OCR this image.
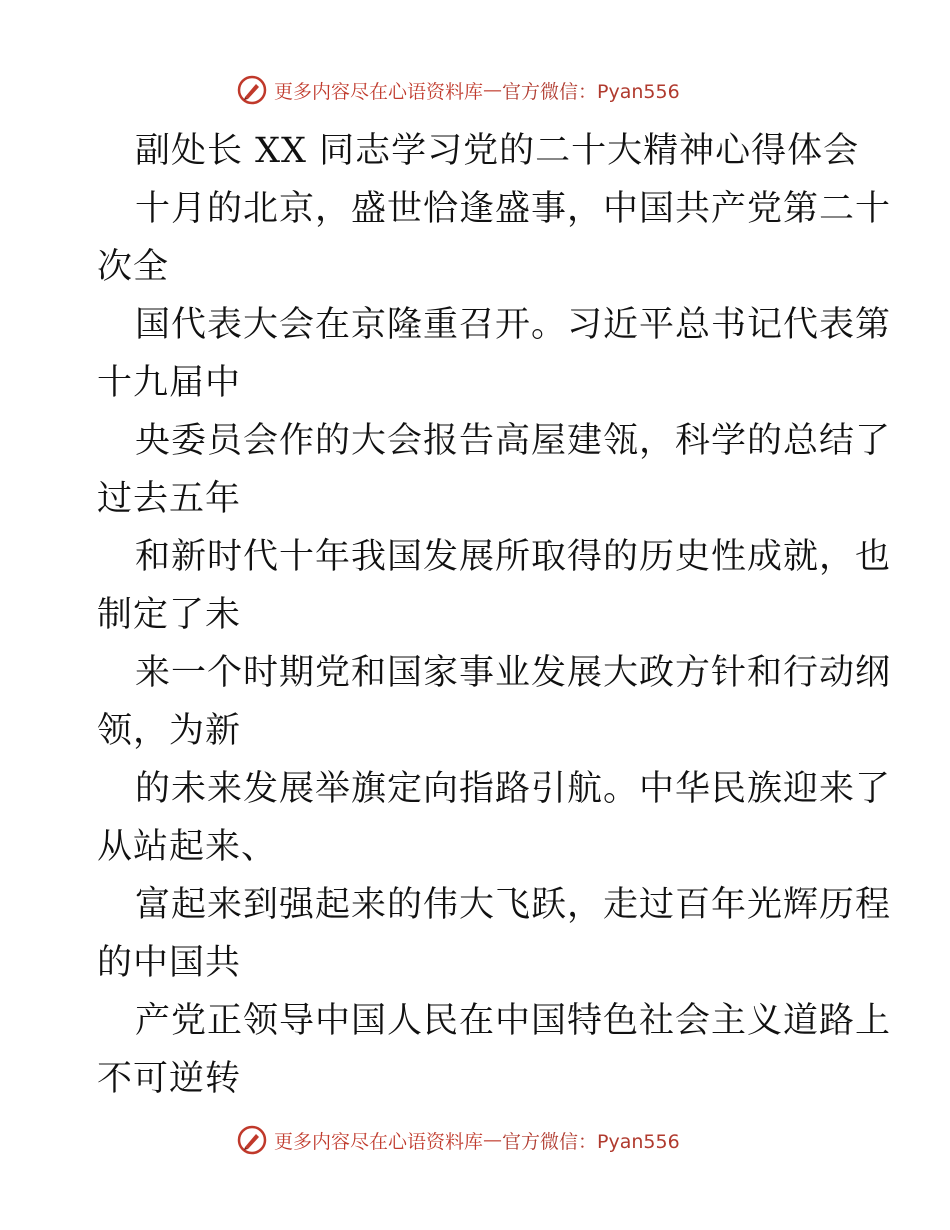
更多内容尽在心语资料库 — 官方微信：Pyan556
副处长 XX 同志学习党的二十大精神心得体会

十月的北京，盛世恰逢盛事，中国共产党第二十
次全

国代表大会在京隆重召开。习近平总书记代表第
十九届中

央委员会作的大会报告高屋建瓴，科学的总结了
过去五年

和新时代十年我国发展所取得的历史性成就，也
制定了未

来一个时期党和国家事业发展大政方针和行动纲
领，为新

的未来发展举旗定向指路引航。中华民族迎来了
从站起来、

富起来到强起来的伟大飞跃，走过百年光辉历程
的中国共

产党正领导中国人民在中国特色社会主义道路上
不可逆转

更多内容尽在心语资料库 — 官方微信：Pyan556
